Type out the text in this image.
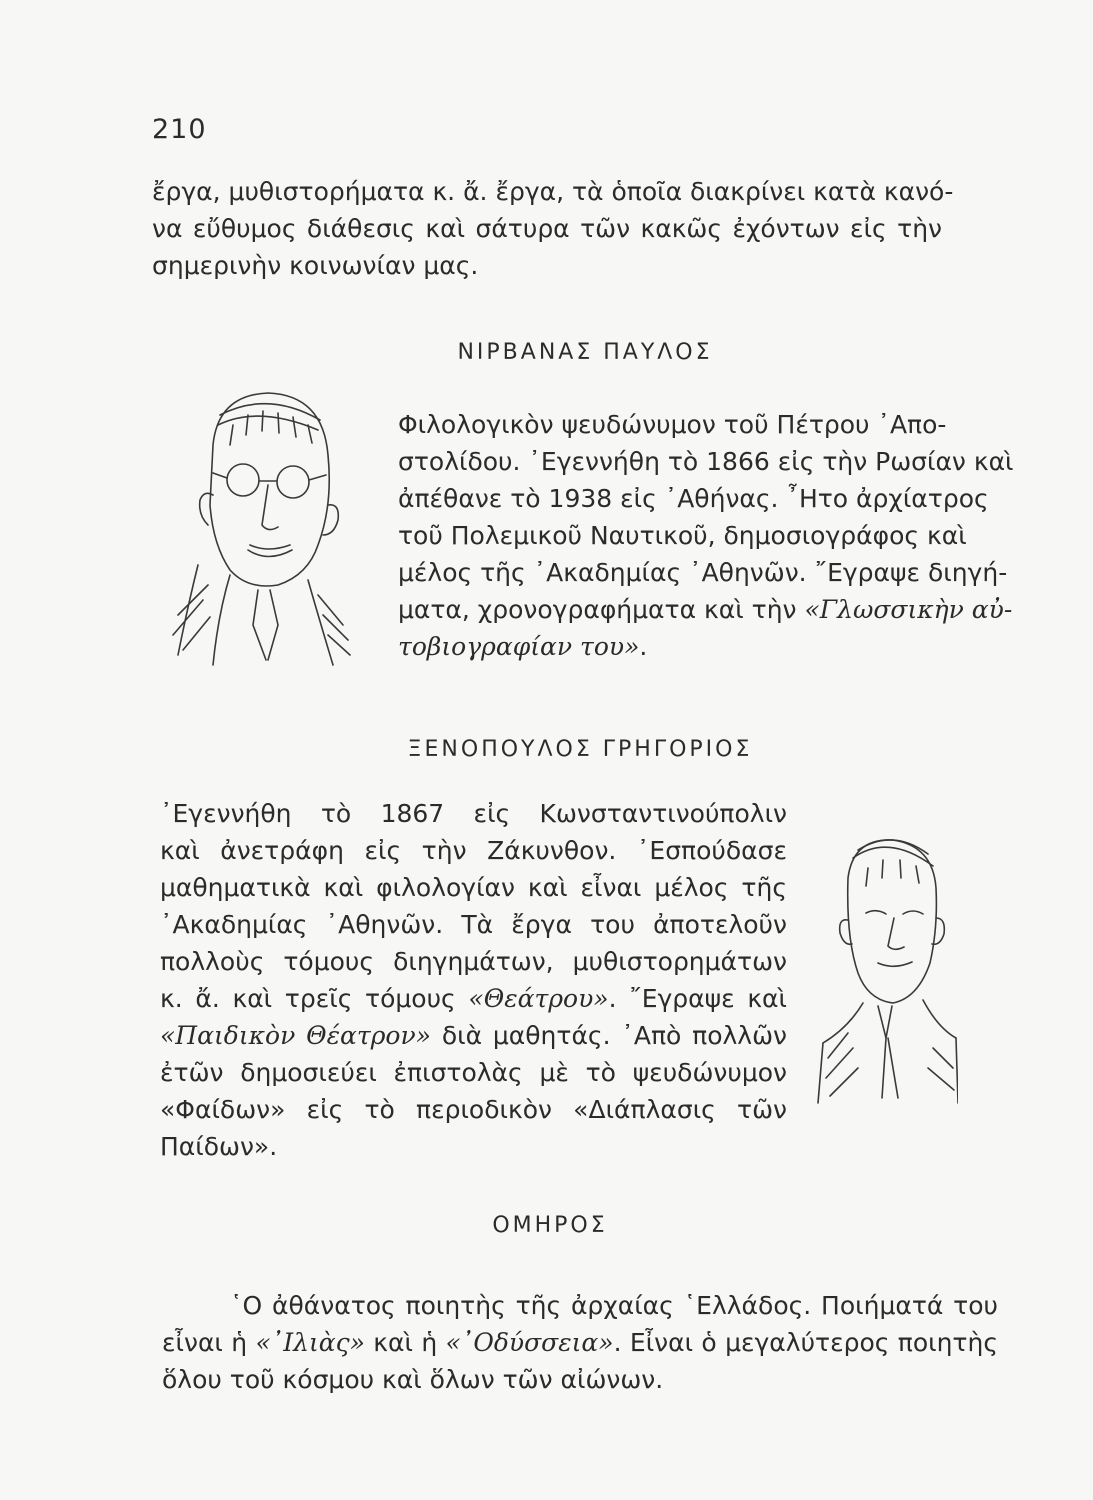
210
ἔργα, μυθιστορήματα κ. ἄ. ἔργα, τὰ ὁποῖα διακρίνει κατὰ κανό-
να εὔθυμος διάθεσις καὶ σάτυρα τῶν κακῶς ἐχόντων εἰς τὴν
σημερινὴν κοινωνίαν μας.
ΝΙΡΒΑΝΑΣ ΠΑΥΛΟΣ
Φιλολογικὸν ψευδώνυμον τοῦ Πέτρου ᾿Απο-
στολίδου. ᾿Εγεννήθη τὸ 1866 εἰς τὴν Ρωσίαν καὶ
ἀπέθανε τὸ 1938 εἰς ᾿Αθήνας. ῏Ητο ἀρχίατρος
τοῦ Πολεμικοῦ Ναυτικοῦ, δημοσιογράφος καὶ
μέλος τῆς ᾿Ακαδημίας ᾿Αθηνῶν. ῎Εγραψε διηγή-
ματα, χρονογραφήματα καὶ τὴν «Γλωσσικὴν αὐ-
τοβιογραφίαν του».
ΞΕΝΟΠΟΥΛΟΣ ΓΡΗΓΟΡΙΟΣ
᾿Εγεννήθη τὸ 1867 εἰς Κωνσταντινούπολιν
καὶ ἀνετράφη εἰς τὴν Ζάκυνθον. ᾿Εσπούδασε
μαθηματικὰ καὶ φιλολογίαν καὶ εἶναι μέλος τῆς
᾿Ακαδημίας ᾿Αθηνῶν. Τὰ ἔργα του ἀποτελοῦν
πολλοὺς τόμους διηγημάτων, μυθιστορημάτων
κ. ἄ. καὶ τρεῖς τόμους «Θεάτρου». ῎Εγραψε καὶ
«Παιδικὸν Θέατρον» διὰ μαθητάς. ᾿Απὸ πολλῶν
ἐτῶν δημοσιεύει ἐπιστολὰς μὲ τὸ ψευδώνυμον
«Φαίδων» εἰς τὸ περιοδικὸν «Διάπλασις τῶν
Παίδων».
ΟΜΗΡΟΣ
῾Ο ἀθάνατος ποιητὴς τῆς ἀρχαίας ῾Ελλάδος. Ποιήματά του
εἶναι ἡ «᾿Ιλιὰς» καὶ ἡ «᾿Οδύσσεια». Εἶναι ὁ μεγαλύτερος ποιητὴς
ὅλου τοῦ κόσμου καὶ ὅλων τῶν αἰώνων.
